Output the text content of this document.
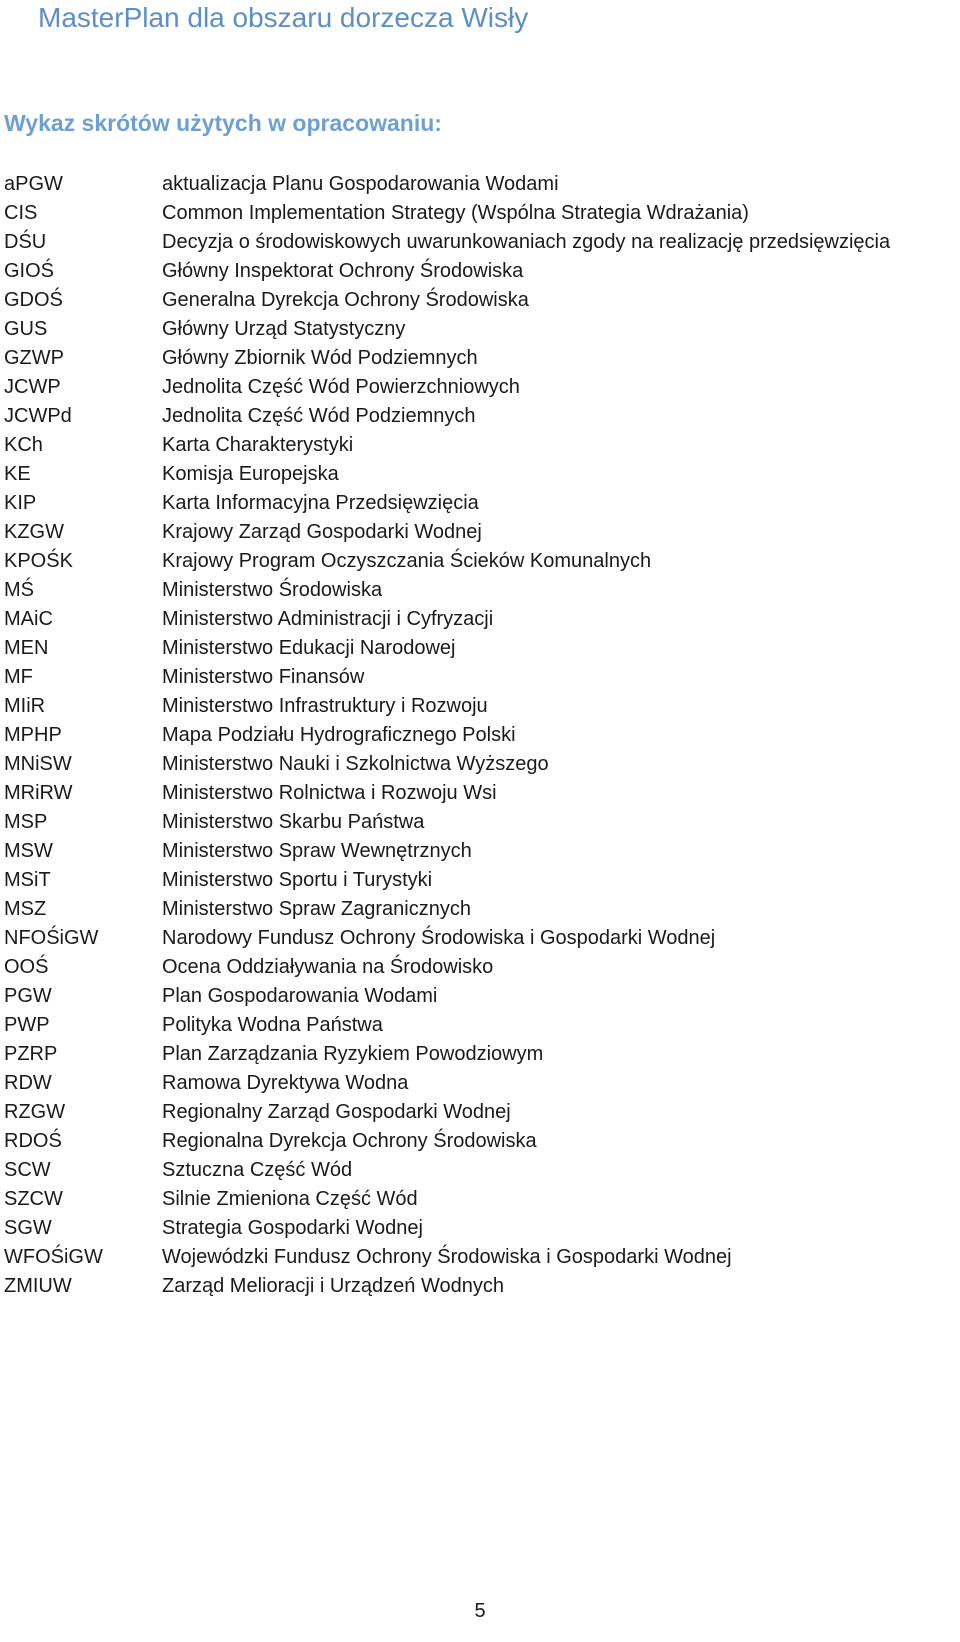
MasterPlan dla obszaru dorzecza Wisły
Wykaz skrótów użytych w opracowaniu:
aPGW	aktualizacja Planu Gospodarowania Wodami
CIS	Common Implementation Strategy (Wspólna Strategia Wdrażania)
DŚU	Decyzja o środowiskowych uwarunkowaniach zgody na realizację przedsięwzięcia
GIOŚ	Główny Inspektorat Ochrony Środowiska
GDOŚ	Generalna Dyrekcja Ochrony Środowiska
GUS	Główny Urząd Statystyczny
GZWP	Główny Zbiornik Wód Podziemnych
JCWP	Jednolita Część Wód Powierzchniowych
JCWPd	Jednolita Część Wód Podziemnych
KCh	Karta Charakterystyki
KE	Komisja Europejska
KIP	Karta Informacyjna Przedsięwzięcia
KZGW	Krajowy Zarząd Gospodarki Wodnej
KPOŚK	Krajowy Program Oczyszczania Ścieków Komunalnych
MŚ	Ministerstwo Środowiska
MAiC	Ministerstwo Administracji i Cyfryzacji
MEN	Ministerstwo Edukacji Narodowej
MF	Ministerstwo Finansów
MIiR	Ministerstwo Infrastruktury i Rozwoju
MPHP	Mapa Podziału Hydrograficznego Polski
MNiSW	Ministerstwo Nauki i Szkolnictwa Wyższego
MRiRW	Ministerstwo Rolnictwa i Rozwoju Wsi
MSP	Ministerstwo Skarbu Państwa
MSW	Ministerstwo Spraw Wewnętrznych
MSiT	Ministerstwo Sportu i Turystyki
MSZ	Ministerstwo Spraw Zagranicznych
NFOŚiGW	Narodowy Fundusz Ochrony Środowiska i Gospodarki Wodnej
OOŚ	Ocena Oddziaływania na Środowisko
PGW	Plan Gospodarowania Wodami
PWP	Polityka Wodna Państwa
PZRP	Plan Zarządzania Ryzykiem Powodziowym
RDW	Ramowa Dyrektywa Wodna
RZGW	Regionalny Zarząd Gospodarki Wodnej
RDOŚ	Regionalna Dyrekcja Ochrony Środowiska
SCW	Sztuczna Część Wód
SZCW	Silnie Zmieniona Część Wód
SGW	Strategia Gospodarki Wodnej
WFOŚiGW	Wojewódzki Fundusz Ochrony Środowiska i Gospodarki Wodnej
ZMIUW	Zarząd Melioracji i Urządzeń Wodnych
5
